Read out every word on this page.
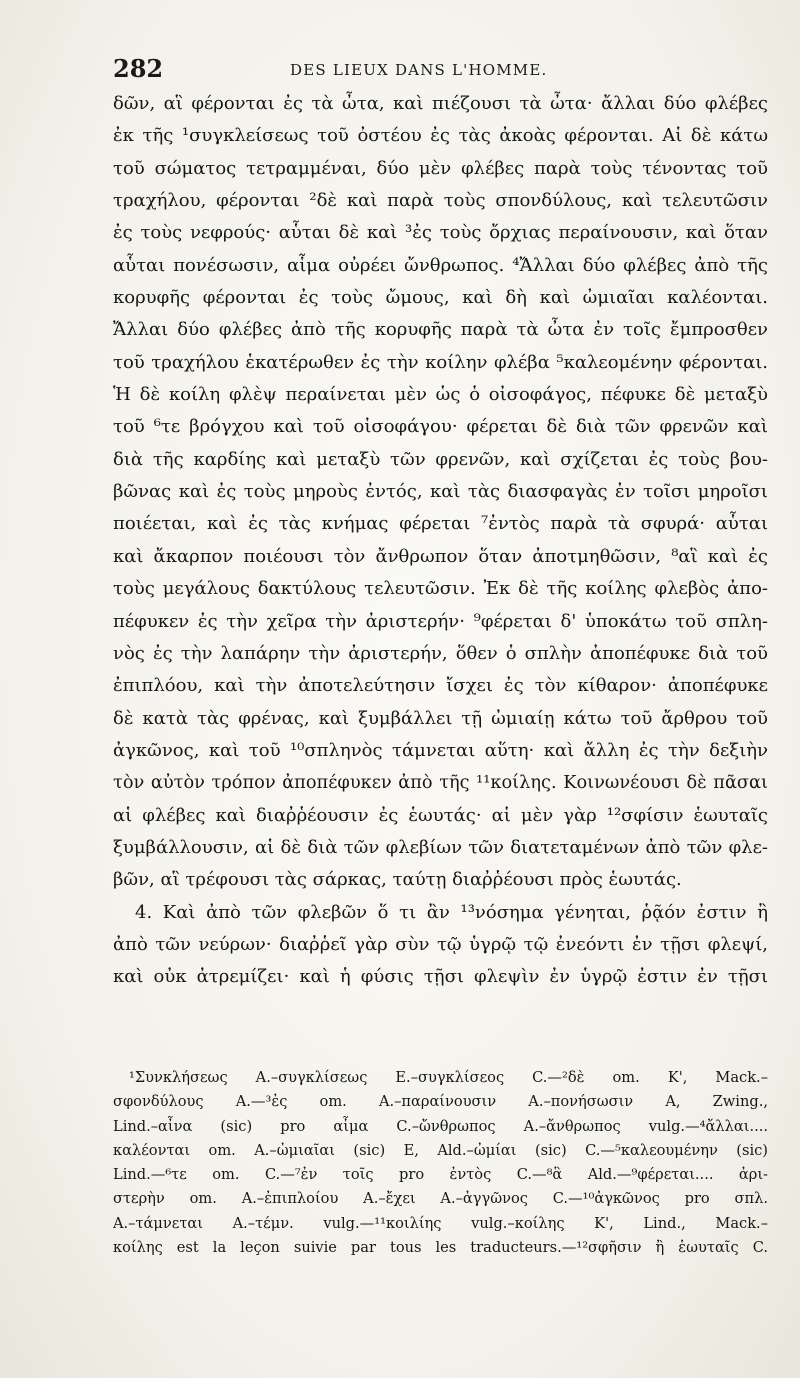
282	DES LIEUX DANS L'HOMME.
δῶν, αἳ φέρονται ἐς τὰ ὦτα, καὶ πιέζουσι τὰ ὦτα· ἄλλαι δύο φλέβες
ἐκ τῆς ¹συγκλείσεως τοῦ ὀστέου ἐς τὰς ἀκοὰς φέρονται. Αἱ δὲ κάτω
τοῦ σώματος τετραμμέναι, δύο μὲν φλέβες παρὰ τοὺς τένοντας τοῦ
τραχήλου, φέρονται ²δὲ καὶ παρὰ τοὺς σπονδύλους, καὶ τελευτῶσιν
ἐς τοὺς νεφρούς· αὗται δὲ καὶ ³ἐς τοὺς ὄρχιας περαίνουσιν, καὶ ὅταν
αὗται πονέσωσιν, αἷμα οὐρέει ὤνθρωπος. ⁴Ἄλλαι δύο φλέβες ἀπὸ τῆς
κορυφῆς φέρονται ἐς τοὺς ὤμους, καὶ δὴ καὶ ὠμιαῖαι καλέονται.
Ἄλλαι δύο φλέβες ἀπὸ τῆς κορυφῆς παρὰ τὰ ὦτα ἐν τοῖς ἔμπροσθεν
τοῦ τραχήλου ἑκατέρωθεν ἐς τὴν κοίλην φλέβα ⁵καλεομένην φέρονται.
Ἡ δὲ κοίλη φλὲψ περαίνεται μὲν ὡς ὁ οἰσοφάγος, πέφυκε δὲ μεταξὺ
τοῦ ⁶τε βρόγχου καὶ τοῦ οἰσοφάγου· φέρεται δὲ διὰ τῶν φρενῶν καὶ
διὰ τῆς καρδίης καὶ μεταξὺ τῶν φρενῶν, καὶ σχίζεται ἐς τοὺς βου-
βῶνας καὶ ἐς τοὺς μηροὺς ἐντός, καὶ τὰς διασφαγὰς ἐν τοῖσι μηροῖσι
ποιέεται, καὶ ἐς τὰς κνήμας φέρεται ⁷ἐντὸς παρὰ τὰ σφυρά· αὗται
καὶ ἄκαρπον ποιέουσι τὸν ἄνθρωπον ὅταν ἀποτμηθῶσιν, ⁸αἳ καὶ ἐς
τοὺς μεγάλους δακτύλους τελευτῶσιν. Ἐκ δὲ τῆς κοίλης φλεβὸς ἀπο-
πέφυκεν ἐς τὴν χεῖρα τὴν ἀριστερήν· ⁹φέρεται δ' ὑποκάτω τοῦ σπλη-
νὸς ἐς τὴν λαπάρην τὴν ἀριστερήν, ὅθεν ὁ σπλὴν ἀποπέφυκε διὰ τοῦ
ἐπιπλόου, καὶ τὴν ἀποτελεύτησιν ἴσχει ἐς τὸν κίθαρον· ἀποπέφυκε
δὲ κατὰ τὰς φρένας, καὶ ξυμβάλλει τῇ ὠμιαίῃ κάτω τοῦ ἄρθρου τοῦ
ἀγκῶνος, καὶ τοῦ ¹⁰σπληνὸς τάμνεται αὕτη· καὶ ἄλλη ἐς τὴν δεξιὴν
τὸν αὐτὸν τρόπον ἀποπέφυκεν ἀπὸ τῆς ¹¹κοίλης. Κοινωνέουσι δὲ πᾶσαι
αἱ φλέβες καὶ διαῤῥέουσιν ἐς ἑωυτάς· αἱ μὲν γὰρ ¹²σφίσιν ἑωυταῖς
ξυμβάλλουσιν, αἱ δὲ διὰ τῶν φλεβίων τῶν διατεταμένων ἀπὸ τῶν φλε-
βῶν, αἳ τρέφουσι τὰς σάρκας, ταύτῃ διαῤῥέουσι πρὸς ἑωυτάς.
4. Καὶ ἀπὸ τῶν φλεβῶν ὅ τι ἂν ¹³νόσημα γένηται, ῥᾷόν ἐστιν ἢ
ἀπὸ τῶν νεύρων· διαῤῥεῖ γὰρ σὺν τῷ ὑγρῷ τῷ ἐνεόντι ἐν τῇσι φλεψί,
καὶ οὐκ ἀτρεμίζει· καὶ ἡ φύσις τῇσι φλεψὶν ἐν ὑγρῷ ἐστιν ἐν τῇσι
¹Συνκλήσεως A.–συγκλίσεως E.–συγκλίσεος C.—²δὲ om. K', Mack.–
σφονδύλους A.—³ἐς om. A.–παραίνουσιν A.–πονήσωσιν A, Zwing.,
Lind.–αἶνα (sic) pro αἷμα C.–ὤνθρωπος A.–ἄνθρωπος vulg.—⁴ἄλλαι....
καλέονται om. A.–ὠμιαῖαι (sic) E, Ald.–ὠμίαι (sic) C.—⁵καλεουμένην (sic)
Lind.—⁶τε om. C.—⁷ἐν τοῖς pro ἐντὸς C.—⁸ἃ Ald.—⁹φέρεται.... ἀρι-
στερὴν om. A.–ἐπιπλοίου A.–ἔχει A.–ἀγγῶνος C.—¹⁰ἀγκῶνος pro σπλ.
A.–τάμνεται A.–τέμν. vulg.—¹¹κοιλίης vulg.–κοίλης K', Lind., Mack.–
κοίλης est la leçon suivie par tous les traducteurs.—¹²σφῆσιν ἢ ἑωυταῖς C.
